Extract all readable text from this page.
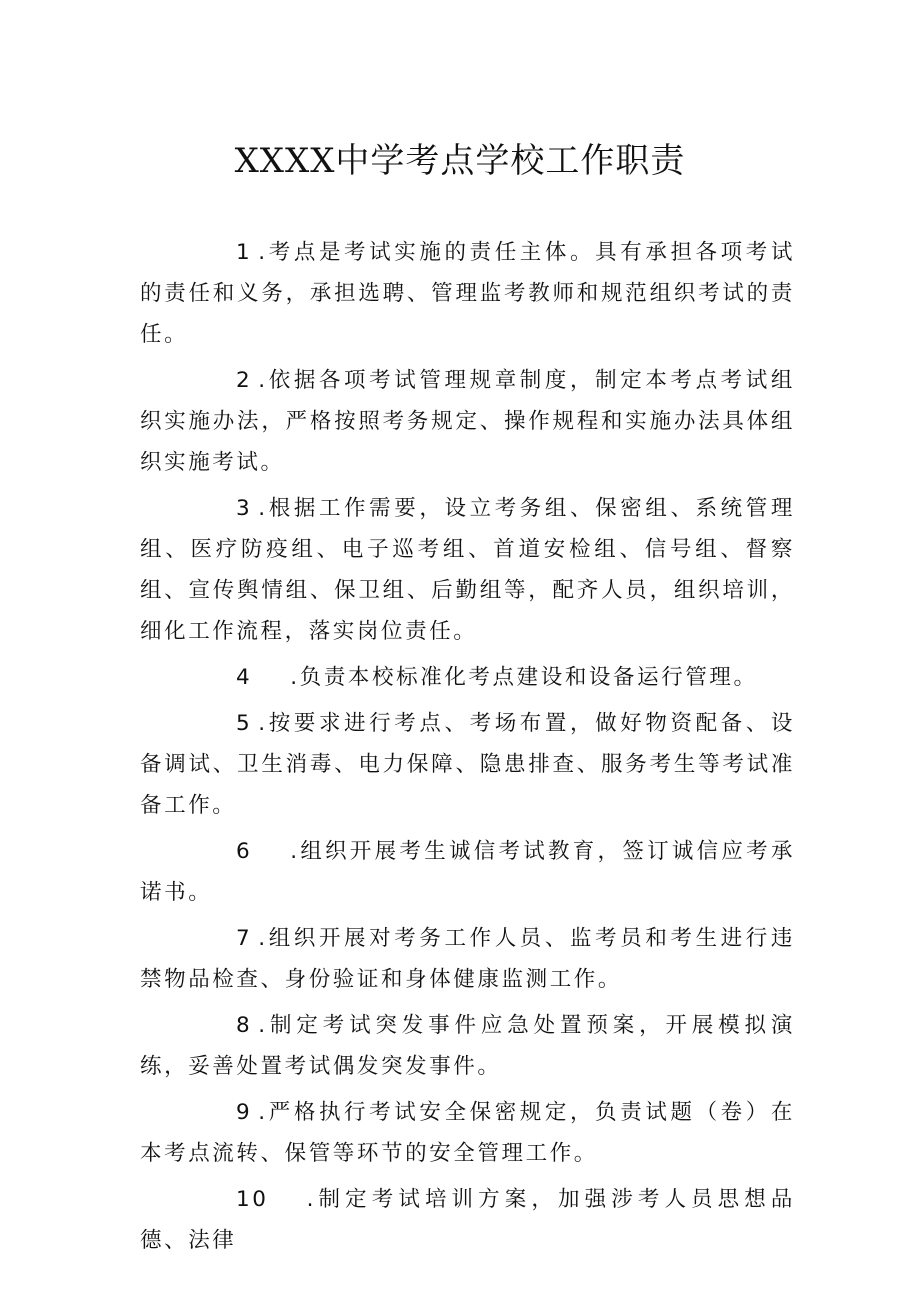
XXXX中学考点学校工作职责

1 .考点是考试实施的责任主体。具有承担各项考试的责任和义务，承担选聘、管理监考教师和规范组织考试的责任。

2 .依据各项考试管理规章制度，制定本考点考试组织实施办法，严格按照考务规定、操作规程和实施办法具体组织实施考试。

3 .根据工作需要，设立考务组、保密组、系统管理组、医疗防疫组、电子巡考组、首道安检组、信号组、督察组、宣传舆情组、保卫组、后勤组等，配齐人员，组织培训，细化工作流程，落实岗位责任。

4 .负责本校标准化考点建设和设备运行管理。

5 .按要求进行考点、考场布置，做好物资配备、设备调试、卫生消毒、电力保障、隐患排查、服务考生等考试准备工作。

6 .组织开展考生诚信考试教育，签订诚信应考承诺书。

7 .组织开展对考务工作人员、监考员和考生进行违禁物品检查、身份验证和身体健康监测工作。

8 .制定考试突发事件应急处置预案，开展模拟演练，妥善处置考试偶发突发事件。

9 .严格执行考试安全保密规定，负责试题（卷）在本考点流转、保管等环节的安全管理工作。

10 .制定考试培训方案，加强涉考人员思想品德、法律
